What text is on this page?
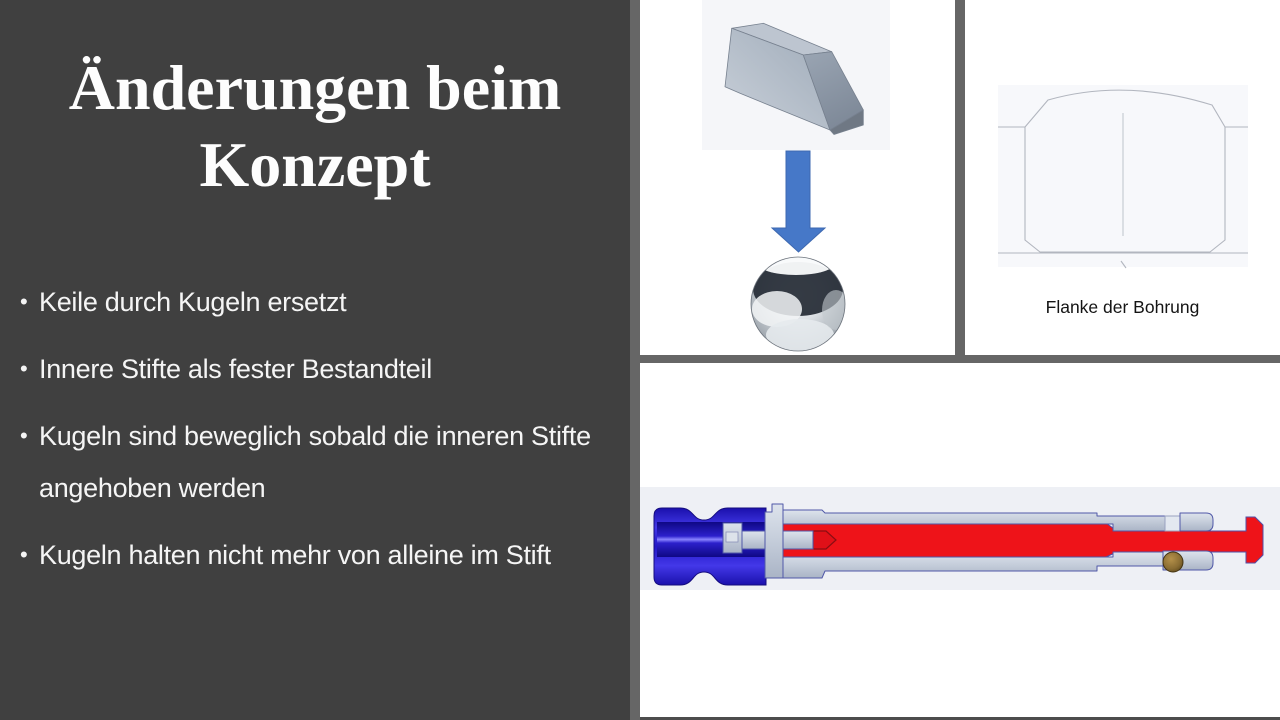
Änderungen beim
Konzept
• Keile durch Kugeln ersetzt
• Innere Stifte als fester Bestandteil
• Kugeln sind beweglich sobald die inneren Stifte angehoben werden
• Kugeln halten nicht mehr von alleine im Stift
Flanke der Bohrung
